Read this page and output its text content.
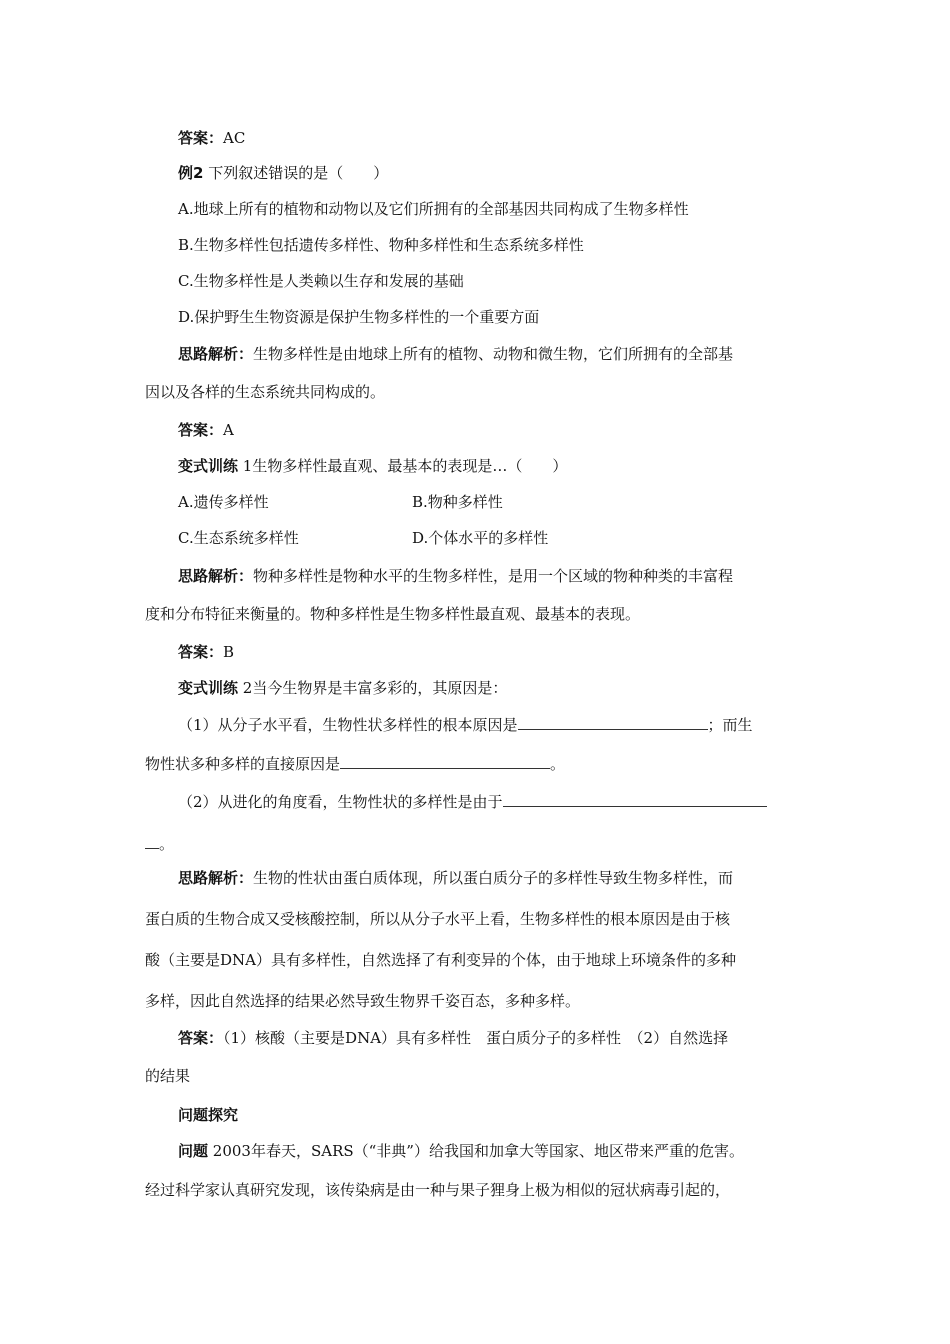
答案：AC
例2 下列叙述错误的是（　　）
A.地球上所有的植物和动物以及它们所拥有的全部基因共同构成了生物多样性
B.生物多样性包括遗传多样性、物种多样性和生态系统多样性
C.生物多样性是人类赖以生存和发展的基础
D.保护野生生物资源是保护生物多样性的一个重要方面
思路解析：生物多样性是由地球上所有的植物、动物和微生物，它们所拥有的全部基
因以及各样的生态系统共同构成的。
答案：A
变式训练 1生物多样性最直观、最基本的表现是…（　　）
A.遗传多样性	B.物种多样性
C.生态系统多样性	D.个体水平的多样性
思路解析：物种多样性是物种水平的生物多样性，是用一个区域的物种种类的丰富程
度和分布特征来衡量的。物种多样性是生物多样性最直观、最基本的表现。
答案：B
变式训练 2当今生物界是丰富多彩的，其原因是：
（1）从分子水平看，生物性状多样性的根本原因是	；而生
物性状多种多样的直接原因是	。
（2）从进化的角度看，生物性状的多样性是由于
。
思路解析：生物的性状由蛋白质体现，所以蛋白质分子的多样性导致生物多样性，而
蛋白质的生物合成又受核酸控制，所以从分子水平上看，生物多样性的根本原因是由于核
酸（主要是DNA）具有多样性，自然选择了有利变异的个体，由于地球上环境条件的多种
多样，因此自然选择的结果必然导致生物界千姿百态，多种多样。
答案：（1）核酸（主要是DNA）具有多样性　蛋白质分子的多样性　（2）自然选择
的结果
问题探究
问题 2003年春天，SARS（“非典”）给我国和加拿大等国家、地区带来严重的危害。
经过科学家认真研究发现，该传染病是由一种与果子狸身上极为相似的冠状病毒引起的，
